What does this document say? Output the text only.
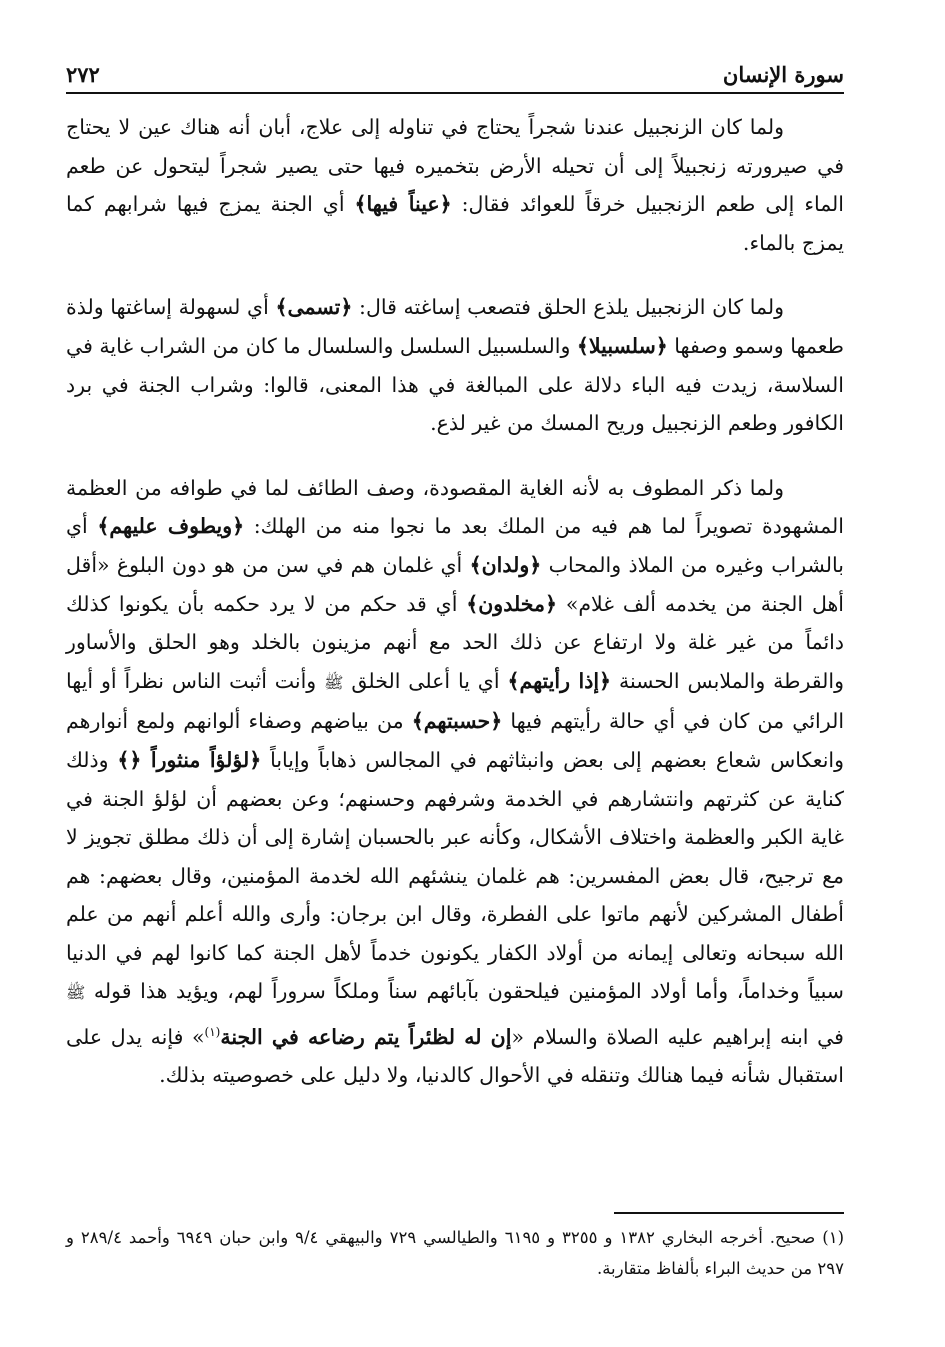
سورة الإنسان
٢٧٢

ولما كان الزنجبيل عندنا شجراً يحتاج في تناوله إلى علاج، أبان أنه هناك عين لا يحتاج في صيرورته زنجبيلاً إلى أن تحيله الأرض بتخميره فيها حتى يصير شجراً ليتحول عن طعم الماء إلى طعم الزنجبيل خرقاً للعوائد فقال: ﴿عيناً فيها﴾ أي الجنة يمزج فيها شرابهم كما يمزج بالماء.

ولما كان الزنجبيل يلذع الحلق فتصعب إساغته قال: ﴿تسمى﴾ أي لسهولة إساغتها ولذة طعمها وسمو وصفها ﴿سلسبيلا﴾ والسلسبيل السلسل والسلسال ما كان من الشراب غاية في السلاسة، زيدت فيه الباء دلالة على المبالغة في هذا المعنى، قالوا: وشراب الجنة في برد الكافور وطعم الزنجبيل وريح المسك من غير لذع.

ولما ذكر المطوف به لأنه الغاية المقصودة، وصف الطائف لما في طوافه من العظمة المشهودة تصويراً لما هم فيه من الملك بعد ما نجوا منه من الهلك: ﴿ويطوف عليهم﴾ أي بالشراب وغيره من الملاذ والمحاب ﴿ولدان﴾ أي غلمان هم في سن من هو دون البلوغ «أقل أهل الجنة من يخدمه ألف غلام» ﴿مخلدون﴾ أي قد حكم من لا يرد حكمه بأن يكونوا كذلك دائماً من غير غلة ولا ارتفاع عن ذلك الحد مع أنهم مزينون بالخلد وهو الحلق والأساور والقرطة والملابس الحسنة ﴿إذا رأيتهم﴾ أي يا أعلى الخلق ﷺ وأنت أثبت الناس نظراً أو أيها الرائي من كان في أي حالة رأيتهم فيها ﴿حسبتهم﴾ من بياضهم وصفاء ألوانهم ولمع أنوارهم وانعكاس شعاع بعضهم إلى بعض وانبثاثهم في المجالس ذهاباً وإياباً ﴿لؤلؤاً منثوراً ﴿﴾ وذلك كناية عن كثرتهم وانتشارهم في الخدمة وشرفهم وحسنهم؛ وعن بعضهم أن لؤلؤ الجنة في غاية الكبر والعظمة واختلاف الأشكال، وكأنه عبر بالحسبان إشارة إلى أن ذلك مطلق تجويز لا مع ترجيح، قال بعض المفسرين: هم غلمان ينشئهم الله لخدمة المؤمنين، وقال بعضهم: هم أطفال المشركين لأنهم ماتوا على الفطرة، وقال ابن برجان: وأرى والله أعلم أنهم من علم الله سبحانه وتعالى إيمانه من أولاد الكفار يكونون خدماً لأهل الجنة كما كانوا لهم في الدنيا سبياً وخداماً، وأما أولاد المؤمنين فيلحقون بآبائهم سناً وملكاً سروراً لهم، ويؤيد هذا قوله ﷺ في ابنه إبراهيم عليه الصلاة والسلام «إن له لظئراً يتم رضاعه في الجنة$^{(١)}$» فإنه يدل على استقبال شأنه فيما هنالك وتنقله في الأحوال كالدنيا، ولا دليل على خصوصيته بذلك.

(١) صحيح. أخرجه البخاري ١٣٨٢ و ٣٢٥٥ و ٦١٩٥ والطيالسي ٧٢٩ والبيهقي ٩/٤ وابن حبان ٦٩٤٩ وأحمد ٢٨٩/٤ و ٢٩٧ من حديث البراء بألفاظ متقاربة.
